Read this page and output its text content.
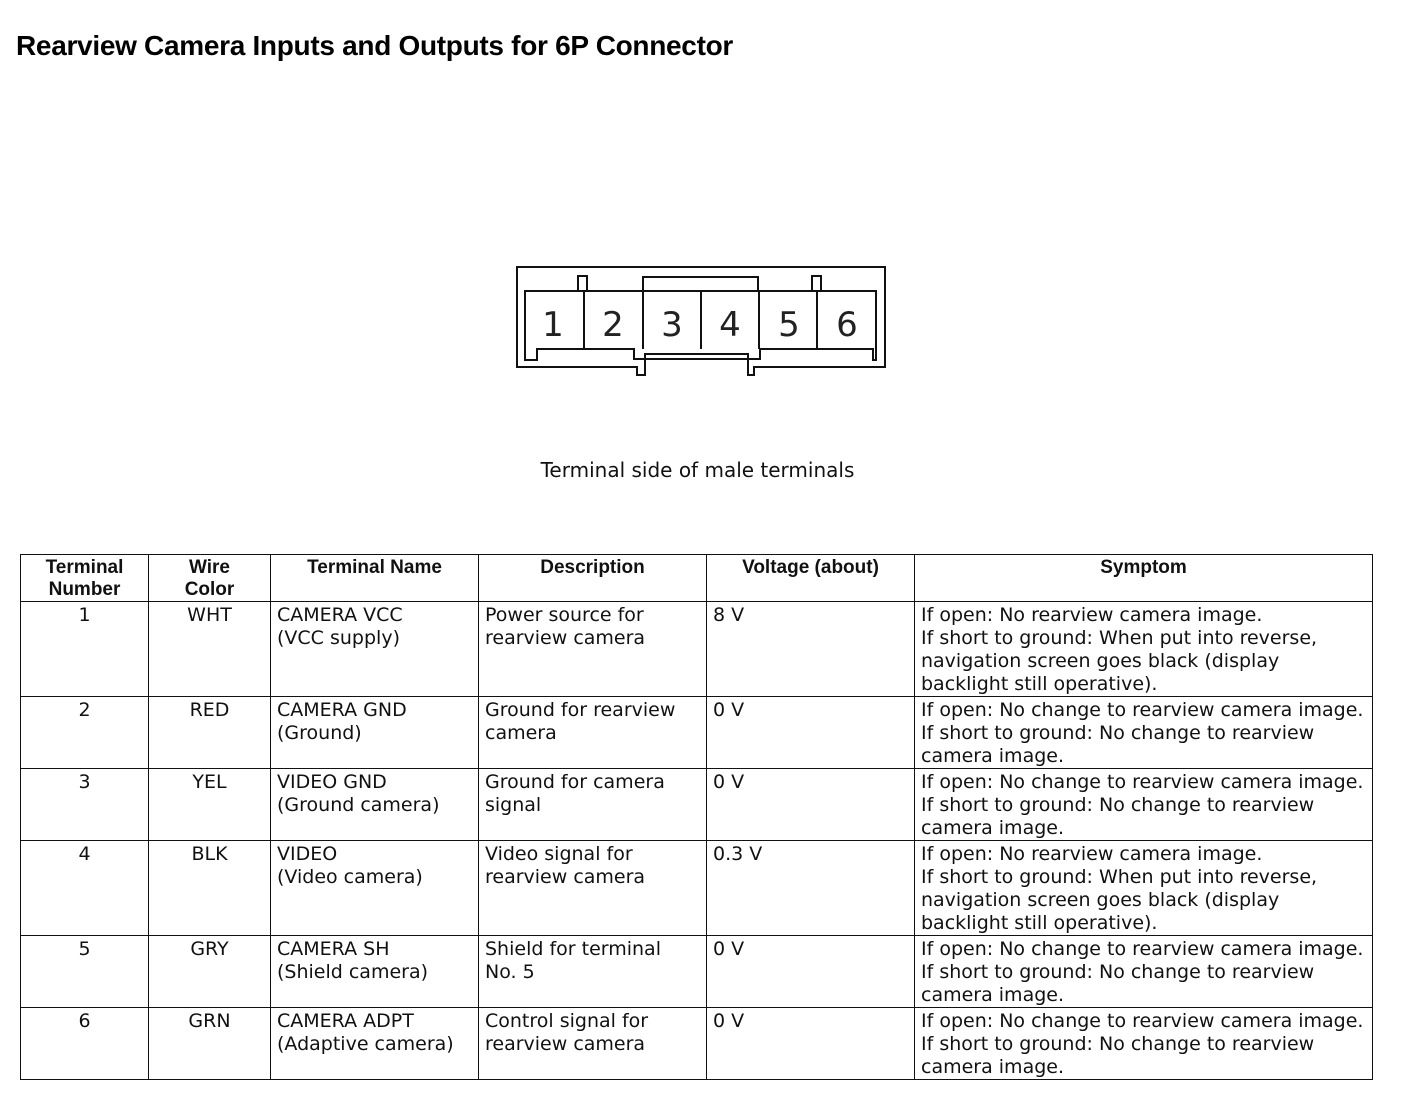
Rearview Camera Inputs and Outputs for 6P Connector
1 2 3 4 5 6
Terminal side of male terminals
Terminal
Number	Wire
Color	Terminal Name	Description	Voltage (about)	Symptom
1	WHT	CAMERA VCC
(VCC supply)	Power source for
rearview camera	8 V	If open: No rearview camera image.
If short to ground: When put into reverse,
navigation screen goes black (display
backlight still operative).

2	RED	CAMERA GND
(Ground)	Ground for rearview
camera	0 V	If open: No change to rearview camera image.
If short to ground: No change to rearview
camera image.

3	YEL	VIDEO GND
(Ground camera)	Ground for camera
signal	0 V	If open: No change to rearview camera image.
If short to ground: No change to rearview
camera image.

4	BLK	VIDEO
(Video camera)	Video signal for
rearview camera	0.3 V	If open: No rearview camera image.
If short to ground: When put into reverse,
navigation screen goes black (display
backlight still operative).

5	GRY	CAMERA SH
(Shield camera)	Shield for terminal
No. 5	0 V	If open: No change to rearview camera image.
If short to ground: No change to rearview
camera image.

6	GRN	CAMERA ADPT
(Adaptive camera)	Control signal for
rearview camera	0 V	If open: No change to rearview camera image.
If short to ground: No change to rearview
camera image.
